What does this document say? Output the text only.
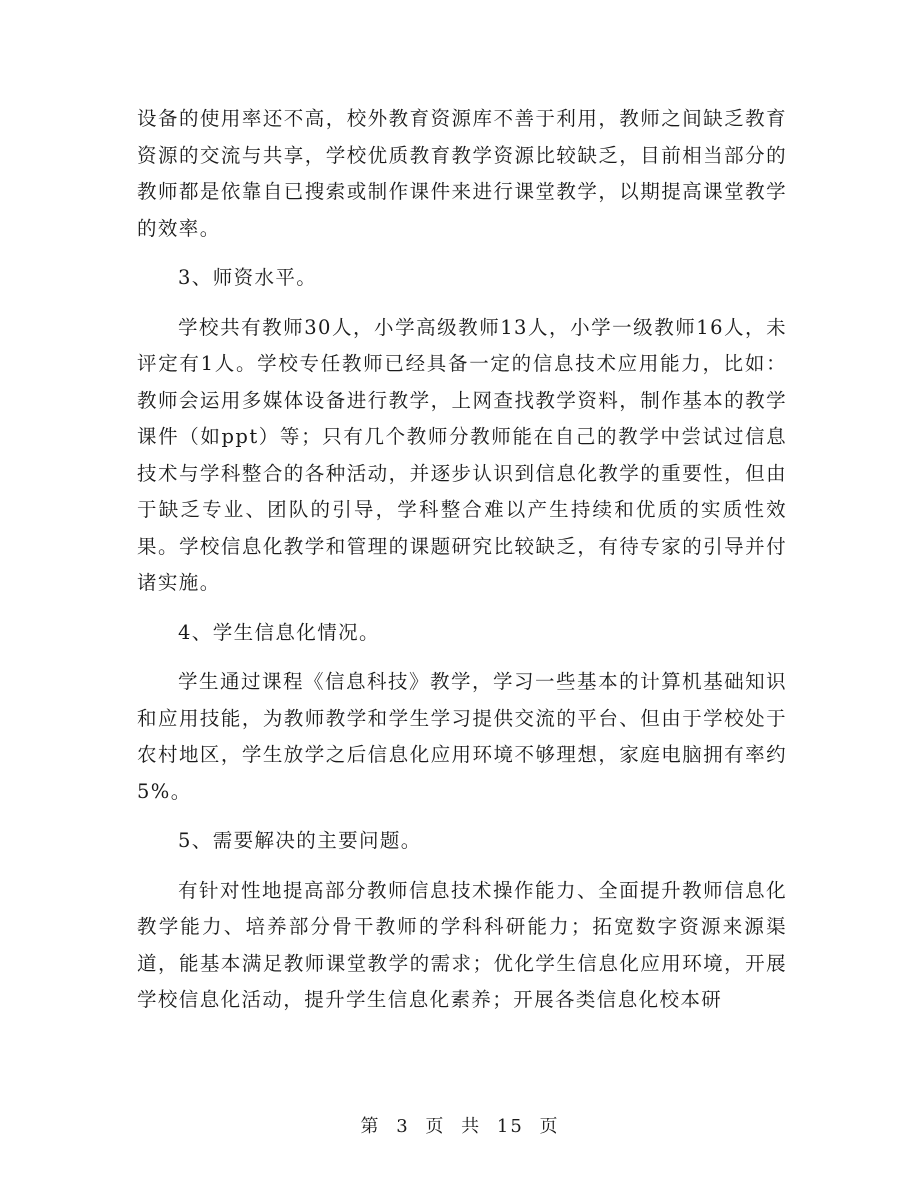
设备的使用率还不高，校外教育资源库不善于利用，教师之间缺乏教育资源的交流与共享，学校优质教育教学资源比较缺乏，目前相当部分的教师都是依靠自已搜索或制作课件来进行课堂教学，以期提高课堂教学的效率。

3、师资水平。

学校共有教师30人，小学高级教师13人，小学一级教师16人，未评定有1人。学校专任教师已经具备一定的信息技术应用能力，比如：教师会运用多媒体设备进行教学，上网查找教学资料，制作基本的教学课件（如ppt）等；只有几个教师分教师能在自己的教学中尝试过信息技术与学科整合的各种活动，并逐步认识到信息化教学的重要性，但由于缺乏专业、团队的引导，学科整合难以产生持续和优质的实质性效果。学校信息化教学和管理的课题研究比较缺乏，有待专家的引导并付诸实施。

4、学生信息化情况。

学生通过课程《信息科技》教学，学习一些基本的计算机基础知识和应用技能，为教师教学和学生学习提供交流的平台、但由于学校处于农村地区，学生放学之后信息化应用环境不够理想，家庭电脑拥有率约5%。

5、需要解决的主要问题。

有针对性地提高部分教师信息技术操作能力、全面提升教师信息化教学能力、培养部分骨干教师的学科科研能力；拓宽数字资源来源渠道，能基本满足教师课堂教学的需求；优化学生信息化应用环境，开展学校信息化活动，提升学生信息化素养；开展各类信息化校本研

第 3 页 共 15 页
